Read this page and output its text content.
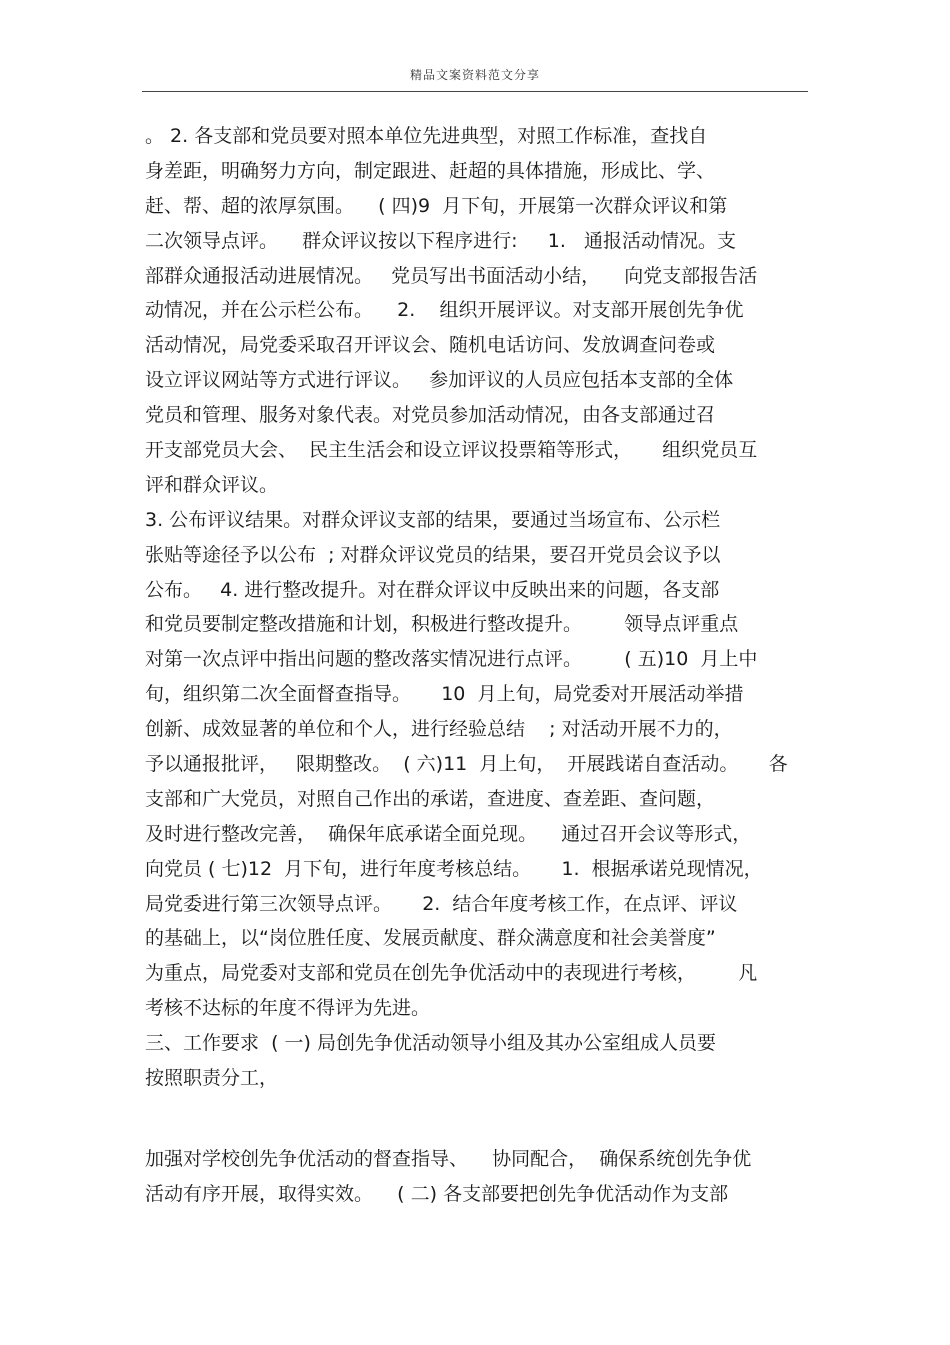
精品文案资料范文分享
。 2. 各支部和党员要对照本单位先进典型，对照工作标准，查找自
身差距，明确努力方向，制定跟进、赶超的具体措施，形成比、学、
赶、帮、超的浓厚氛围。    ( 四)9  月下旬，开展第一次群众评议和第
二次领导点评。    群众评议按以下程序进行:     1.   通报活动情况。支
部群众通报活动进展情况。   党员写出书面活动小结，    向党支部报告活
动情况，并在公示栏公布。    2.    组织开展评议。对支部开展创先争优
活动情况，局党委采取召开评议会、随机电话访问、发放调查问卷或
设立评议网站等方式进行评议。   参加评议的人员应包括本支部的全体
党员和管理、服务对象代表。对党员参加活动情况，由各支部通过召
开支部党员大会、  民主生活会和设立评议投票箱等形式，     组织党员互
评和群众评议。
3. 公布评议结果。对群众评议支部的结果，要通过当场宣布、公示栏
张贴等途径予以公布  ; 对群众评议党员的结果，要召开党员会议予以
公布。   4. 进行整改提升。对在群众评议中反映出来的问题，各支部
和党员要制定整改措施和计划，积极进行整改提升。       领导点评重点
对第一次点评中指出问题的整改落实情况进行点评。       ( 五)10  月上中
旬，组织第二次全面督查指导。     10  月上旬，局党委对开展活动举措
创新、成效显著的单位和个人，进行经验总结    ; 对活动开展不力的，
予以通报批评，   限期整改。  ( 六)11  月上旬，  开展践诺自查活动。     各
支部和广大党员，对照自己作出的承诺，查进度、查差距、查问题，
及时进行整改完善，  确保年底承诺全面兑现。    通过召开会议等形式，
向党员 ( 七)12  月下旬，进行年度考核总结。     1.  根据承诺兑现情况，
局党委进行第三次领导点评。     2.  结合年度考核工作，在点评、评议
的基础上，以“岗位胜任度、发展贡献度、群众满意度和社会美誉度”
为重点，局党委对支部和党员在创先争优活动中的表现进行考核，       凡
考核不达标的年度不得评为先进。
三、工作要求  ( 一) 局创先争优活动领导小组及其办公室组成人员要
按照职责分工，
加强对学校创先争优活动的督查指导、    协同配合，  确保系统创先争优
活动有序开展，取得实效。    ( 二) 各支部要把创先争优活动作为支部
